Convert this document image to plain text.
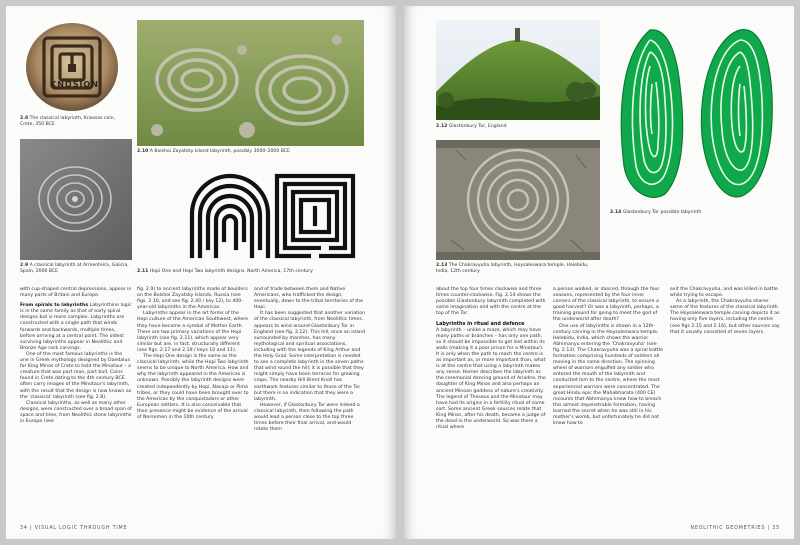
KNOSION
2.8 The classical labyrinth, Knossos coin, Crete, 350 BCE
2.10 A Bolshoi Zayatsky Island labyrinth, possibly 3000–2000 BCE
2.9 A classical labyrinth at Armenteira, Galicia, Spain, 2000 BCE	2.11 Hopi One and Hopi Two labyrinth designs, North America, 17th century

with cup-shaped central depressions, appear in many parts of Britain and Europe.

From spirals to labyrinths Labyrinthine logic is in the same family as that of early spiral designs but is more complex. Labyrinths are constructed with a single path that winds forwards and backwards, multiple times, before arriving at a central point. The oldest surviving labyrinths appear in Neolithic and Bronze Age rock carvings.

One of the most famous labyrinths is the one in Greek mythology designed by Daedalus for King Minos of Crete to hold the Minotaur – a creature that was part man, part bull. Coins found in Crete dating to the 4th century BCE often carry images of the Minotaur's labyrinth, with the result that the design is now known as the 'classical' labyrinth (see fig. 2.8).

Classical labyrinths, as well as many other designs, were constructed over a broad span of space and time, from Neolithic stone labyrinths in Europe (see

fig. 2.9) to ancient labyrinths made of boulders on the Bolshoi Zayatsky Islands, Russia (see figs. 2.10, and see fig. 2.40 / key 12), to 400-year-old labyrinths in the Americas.

Labyrinths appear in the art forms of the Hopi culture of the American Southwest, where they have become a symbol of Mother Earth. There are two primary variations of the Hopi labyrinth (see fig. 2.11), which appear very similar but are, in fact, structurally different (see figs. 2.17 and 2.19 / keys 10 and 11).

The Hopi One design is the same as the classical labyrinth, while the Hopi Two labyrinth seems to be unique to North America. How and why the labyrinth appeared in the Americas is unknown. Possibly the labyrinth designs were created independently by Hopi, Navajo or Pima tribes, or they could have been brought over to the Americas by the conquistadors or other European settlers. It is also conceivable that their presence might be evidence of the arrival of Norsemen in the 10th century

and of trade between them and Native Americans, who trafficked the design, eventually, down to the tribal territories of the Hopi.

It has been suggested that another variation of the classical labyrinth, from Neolithic times, appears to wind around Glastonbury Tor in England (see fig. 2.12). This hill, once an island surrounded by marshes, has many mythological and spiritual associations, including with the legends of King Arthur and the Holy Grail. Some interpretation is needed to see a complete labyrinth in the seven paths that wind round the hill; it is possible that they might simply have been terraces for growing crops. The nearby Hill Brent Knoll has earthwork features similar to those of the Tor but there is no indication that they were a labyrinth.

However, if Glastonbury Tor were indeed a classical labyrinth, then following the path would lead a person close to the top three times before their final arrival, and would rotate them

34 | VISUAL LOGIC THROUGH TIME
2.12 Glastonbury Tor, England
2.13 The Chakravyuha labyrinth, Hoysaleswara temple, Halebidu, India, 12th century
2.14 Glastonbury Tor possible labyrinth

about the top four times clockwise and three times counter-clockwise. Fig. 2.14 shows the possible Glastonbury labyrinth completed with some imagination and with the centre at the top of the Tor.

Labyrinths in ritual and defence

A labyrinth – unlike a maze, which may have many paths or branches – has only one path, so it should be impossible to get lost within its walls (making it a poor prison for a Minotaur). It is only when the path to reach the centre is as important as, or more important than, what is at the centre that using a labyrinth makes any sense. Homer describes the labyrinth as the ceremonial dancing ground of Ariadne, the daughter of King Minos and also perhaps an ancient Minoan goddess of nature's creativity. The legend of Theseus and the Minotaur may have had its origins in a fertility ritual of some sort. Some ancient Greek sources relate that King Minos, after his death, became a judge of the dead in the underworld. So was there a ritual where

a person walked, or danced, through the four seasons, represented by the four inner corners of the classical labyrinth, to ensure a good harvest? Or was a labyrinth, perhaps, a training ground for going to meet the god of the underworld after death?

One use of labyrinths is shown in a 12th-century carving in the Hoysaleswara temple, Halebidu, India, which shows the warrior Abhimanyu entering the 'Chakravyuha' (see fig. 2.13). The Chakravyuha was a spiral battle formation comprising hundreds of soldiers all moving in the same direction. The spinning wheel of warriors engulfed any soldier who entered the mouth of the labyrinth and conducted him to the centre, where the most experienced warriors were concentrated. The great Hindu epic the Mahabharata (400 CE) recounts that Abhimanyu knew how to breach this almost impenetrable formation, having learned the secret when he was still in his mother's womb, but unfortunately he did not know how to

exit the Chakravyuha, and was killed in battle while trying to escape.

As a labyrinth, the Chakravyuha shares some of the features of the classical labyrinth. The Hoysaleswara temple carving depicts it as having only five layers, including the centre (see figs 2.15 and 2.16), but other sources say that it usually consisted of seven layers.

NEOLITHIC GEOMETRIES | 35
